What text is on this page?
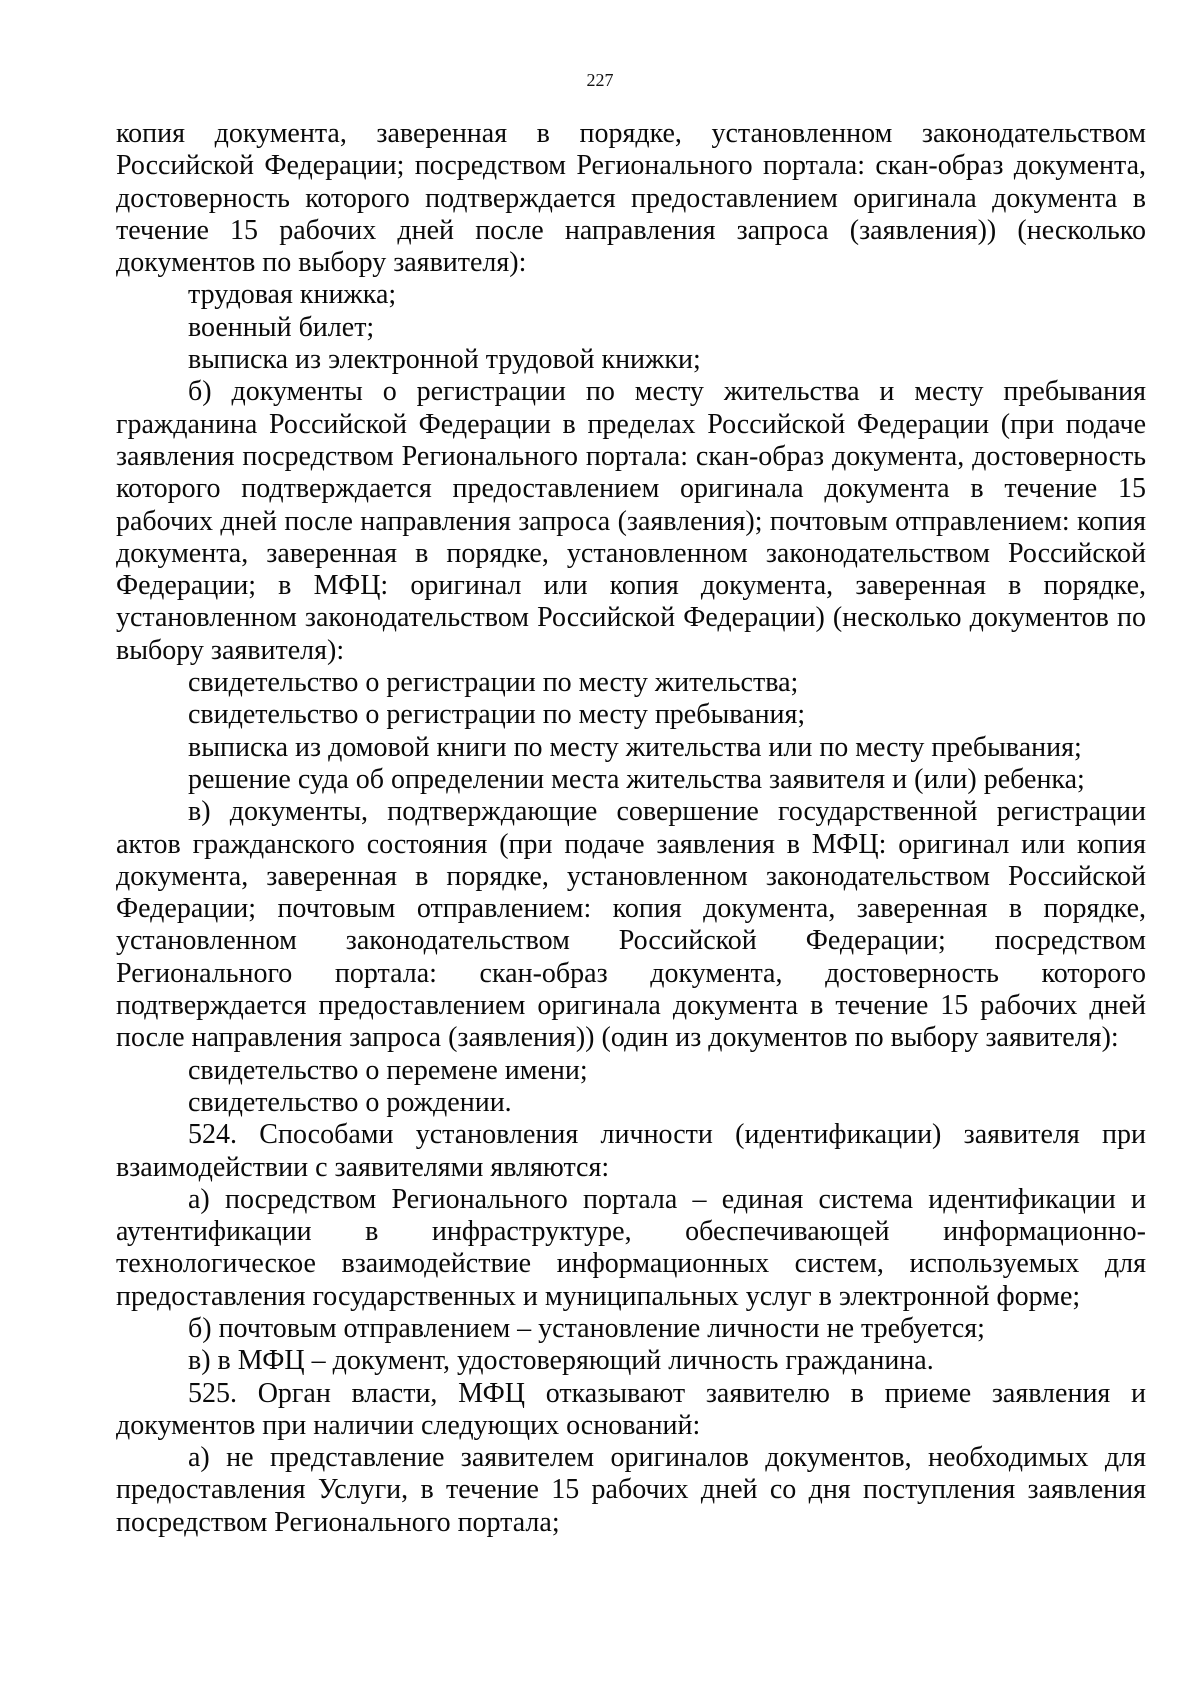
227

копия документа, заверенная в порядке, установленном законодательством Российской Федерации; посредством Регионального портала: скан-образ документа, достоверность которого подтверждается предоставлением оригинала документа в течение 15 рабочих дней после направления запроса (заявления)) (несколько документов по выбору заявителя):

трудовая книжка;

военный билет;

выписка из электронной трудовой книжки;

б) документы о регистрации по месту жительства и месту пребывания гражданина Российской Федерации в пределах Российской Федерации (при подаче заявления посредством Регионального портала: скан-образ документа, достоверность которого подтверждается предоставлением оригинала документа в течение 15 рабочих дней после направления запроса (заявления); почтовым отправлением: копия документа, заверенная в порядке, установленном законодательством Российской Федерации; в МФЦ: оригинал или копия документа, заверенная в порядке, установленном законодательством Российской Федерации) (несколько документов по выбору заявителя):

свидетельство о регистрации по месту жительства;

свидетельство о регистрации по месту пребывания;

выписка из домовой книги по месту жительства или по месту пребывания;

решение суда об определении места жительства заявителя и (или) ребенка;

в) документы, подтверждающие совершение государственной регистрации актов гражданского состояния (при подаче заявления в МФЦ: оригинал или копия документа, заверенная в порядке, установленном законодательством Российской Федерации; почтовым отправлением: копия документа, заверенная в порядке, установленном законодательством Российской Федерации; посредством Регионального портала: скан-образ документа, достоверность которого подтверждается предоставлением оригинала документа в течение 15 рабочих дней после направления запроса (заявления)) (один из документов по выбору заявителя):

свидетельство о перемене имени;

свидетельство о рождении.

524. Способами установления личности (идентификации) заявителя при взаимодействии с заявителями являются:

а) посредством Регионального портала – единая система идентификации и аутентификации в инфраструктуре, обеспечивающей информационно-технологическое взаимодействие информационных систем, используемых для предоставления государственных и муниципальных услуг в электронной форме;

б) почтовым отправлением – установление личности не требуется;

в) в МФЦ – документ, удостоверяющий личность гражданина.

525. Орган власти, МФЦ отказывают заявителю в приеме заявления и документов при наличии следующих оснований:

а) не представление заявителем оригиналов документов, необходимых для предоставления Услуги, в течение 15 рабочих дней со дня поступления заявления посредством Регионального портала;
